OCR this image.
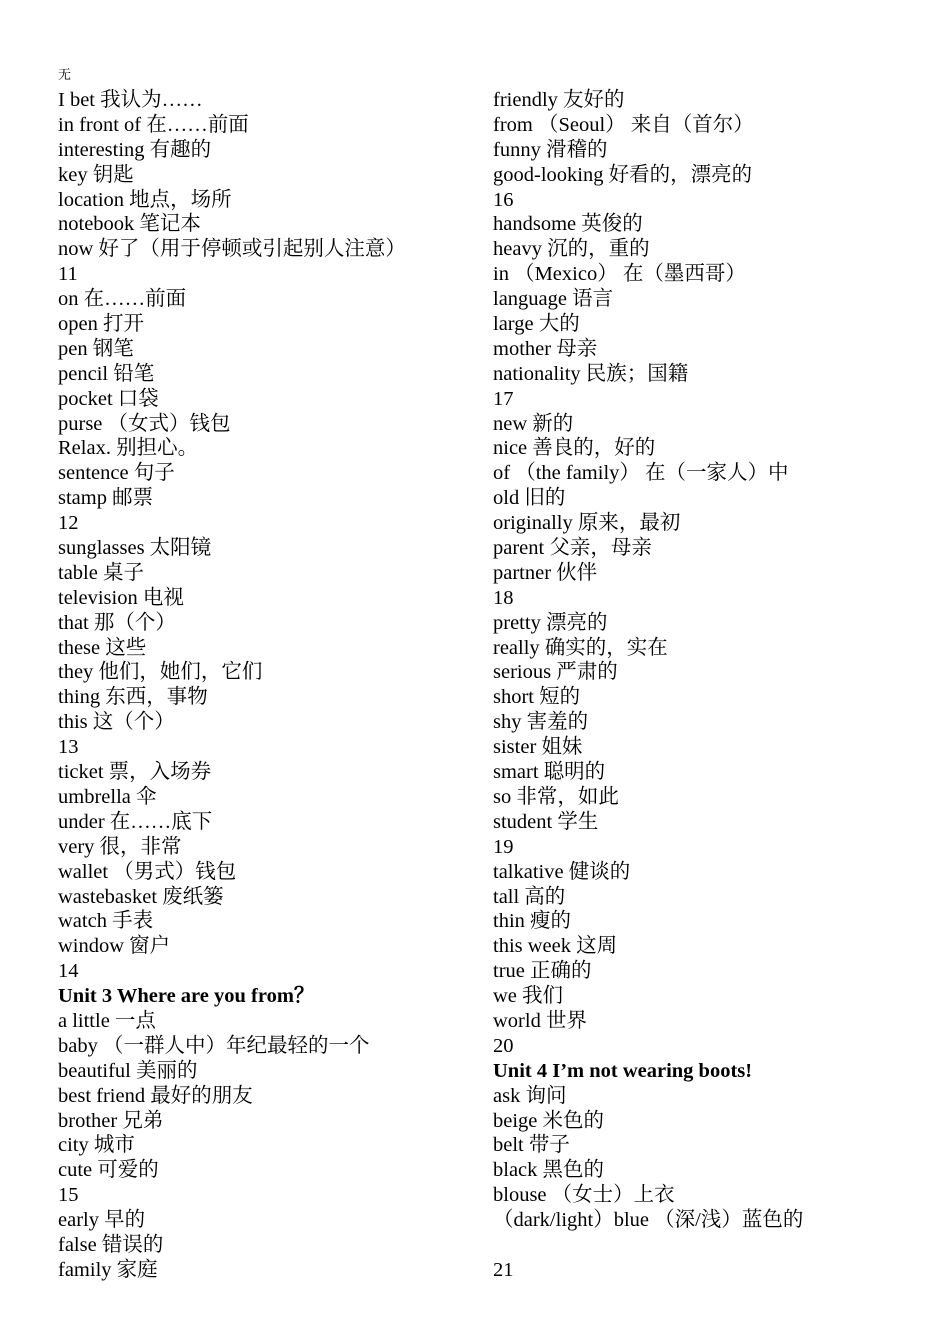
无
I bet 我认为……
in front of 在……前面
interesting 有趣的
key 钥匙
location 地点，场所
notebook 笔记本
now 好了（用于停顿或引起别人注意）
11
on 在……前面
open 打开
pen 钢笔
pencil 铅笔
pocket 口袋
purse （女式）钱包
Relax. 别担心。
sentence 句子
stamp 邮票
12
sunglasses 太阳镜
table 桌子
television 电视
that 那（个）
these 这些
they 他们，她们，它们
thing 东西，事物
this 这（个）
13
ticket 票，入场券
umbrella 伞
under 在……底下
very 很，非常
wallet （男式）钱包
wastebasket 废纸篓
watch 手表
window 窗户
14
Unit 3 Where are you from？
a little 一点
baby （一群人中）年纪最轻的一个
beautiful 美丽的
best friend 最好的朋友
brother 兄弟
city 城市
cute 可爱的
15
early 早的
false 错误的
family 家庭
friendly 友好的
from （Seoul） 来自（首尔）
funny 滑稽的
good-looking 好看的，漂亮的
16
handsome 英俊的
heavy 沉的，重的
in （Mexico） 在（墨西哥）
language 语言
large 大的
mother 母亲
nationality 民族；国籍
17
new 新的
nice 善良的，好的
of （the family） 在（一家人）中
old 旧的
originally 原来，最初
parent 父亲，母亲
partner 伙伴
18
pretty 漂亮的
really 确实的，实在
serious 严肃的
short 短的
shy 害羞的
sister 姐妹
smart 聪明的
so 非常，如此
student 学生
19
talkative 健谈的
tall 高的
thin 瘦的
this week 这周
true 正确的
we 我们
world 世界
20
Unit 4 I’m not wearing boots!
ask 询问
beige 米色的
belt 带子
black 黑色的
blouse （女士）上衣
（dark/light）blue （深/浅）蓝色的
21
